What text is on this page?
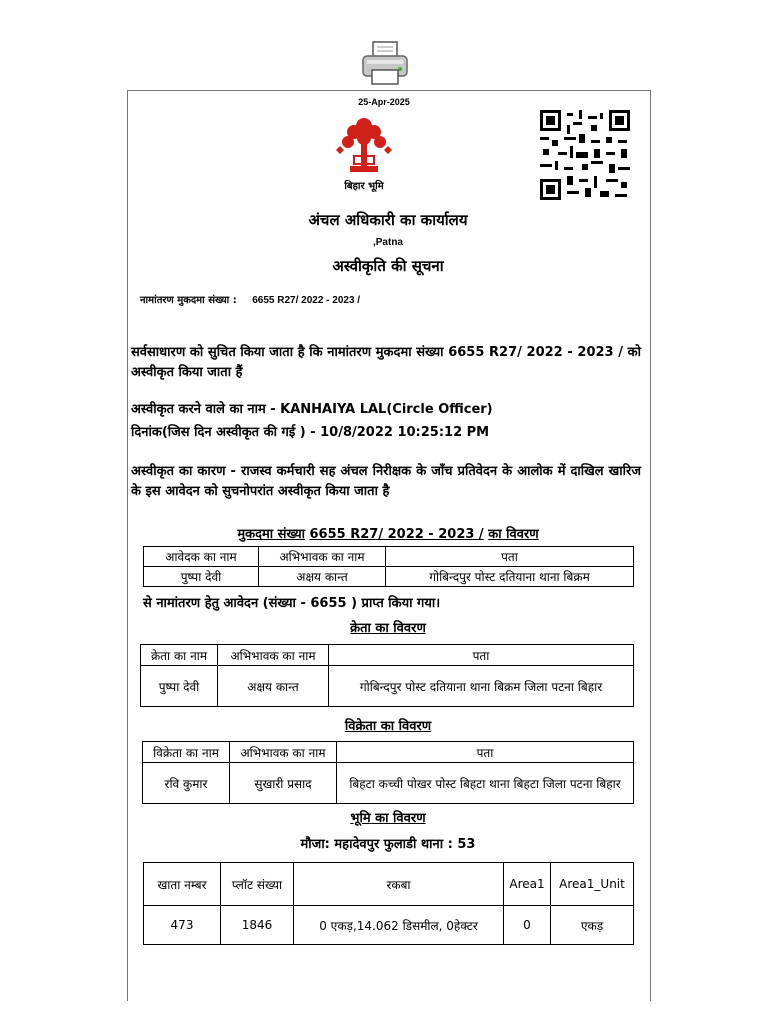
25-Apr-2025
बिहार भूमि
अंचल अधिकारी का कार्यालय
,Patna
अस्वीकृति की सूचना
नामांतरण मुकदमा संख्या : 6655 R27/ 2022 - 2023 /
सर्वसाधारण को सुचित किया जाता है कि नामांतरण मुकदमा संख्या 6655 R27/ 2022 - 2023 / को अस्वीकृत किया जाता हैं
अस्वीकृत करने वाले का नाम - KANHAIYA LAL(Circle Officer)
दिनांक(जिस दिन अस्वीकृत की गई ) - 10/8/2022 10:25:12 PM
अस्वीकृत का कारण - राजस्व कर्मचारी सह अंचल निरीक्षक के जाँच प्रतिवेदन के आलोक में दाखिल खारिज के इस आवेदन को सुचनोपरांत अस्वीकृत किया जाता है
मुकदमा संख्या 6655 R27/ 2022 - 2023 / का विवरण
आवेदक का नाम	अभिभावक का नाम	पता
पुष्पा देवी	अक्षय कान्त	गोबिन्दपुर पोस्ट दतियाना थाना बिक्रम
से नामांतरण हेतु आवेदन (संख्या - 6655 ) प्राप्त किया गया।
क्रेता का विवरण
क्रेता का नाम	अभिभावक का नाम	पता
पुष्पा देवी	अक्षय कान्त	गोबिन्दपुर पोस्ट दतियाना थाना बिक्रम जिला पटना बिहार
विक्रेता का विवरण
विक्रेता का नाम	अभिभावक का नाम	पता
रवि कुमार	सुखारी प्रसाद	बिहटा कच्ची पोखर पोस्ट बिहटा थाना बिहटा जिला पटना बिहार
भूमि का विवरण
मौजा: महादेवपुर फुलाडी थाना : 53
खाता नम्बर	प्लॉट संख्या	रकबा	Area1	Area1_Unit
473	1846	0 एकड़,14.062 डिसमील, 0हेक्टर	0	एकड़
